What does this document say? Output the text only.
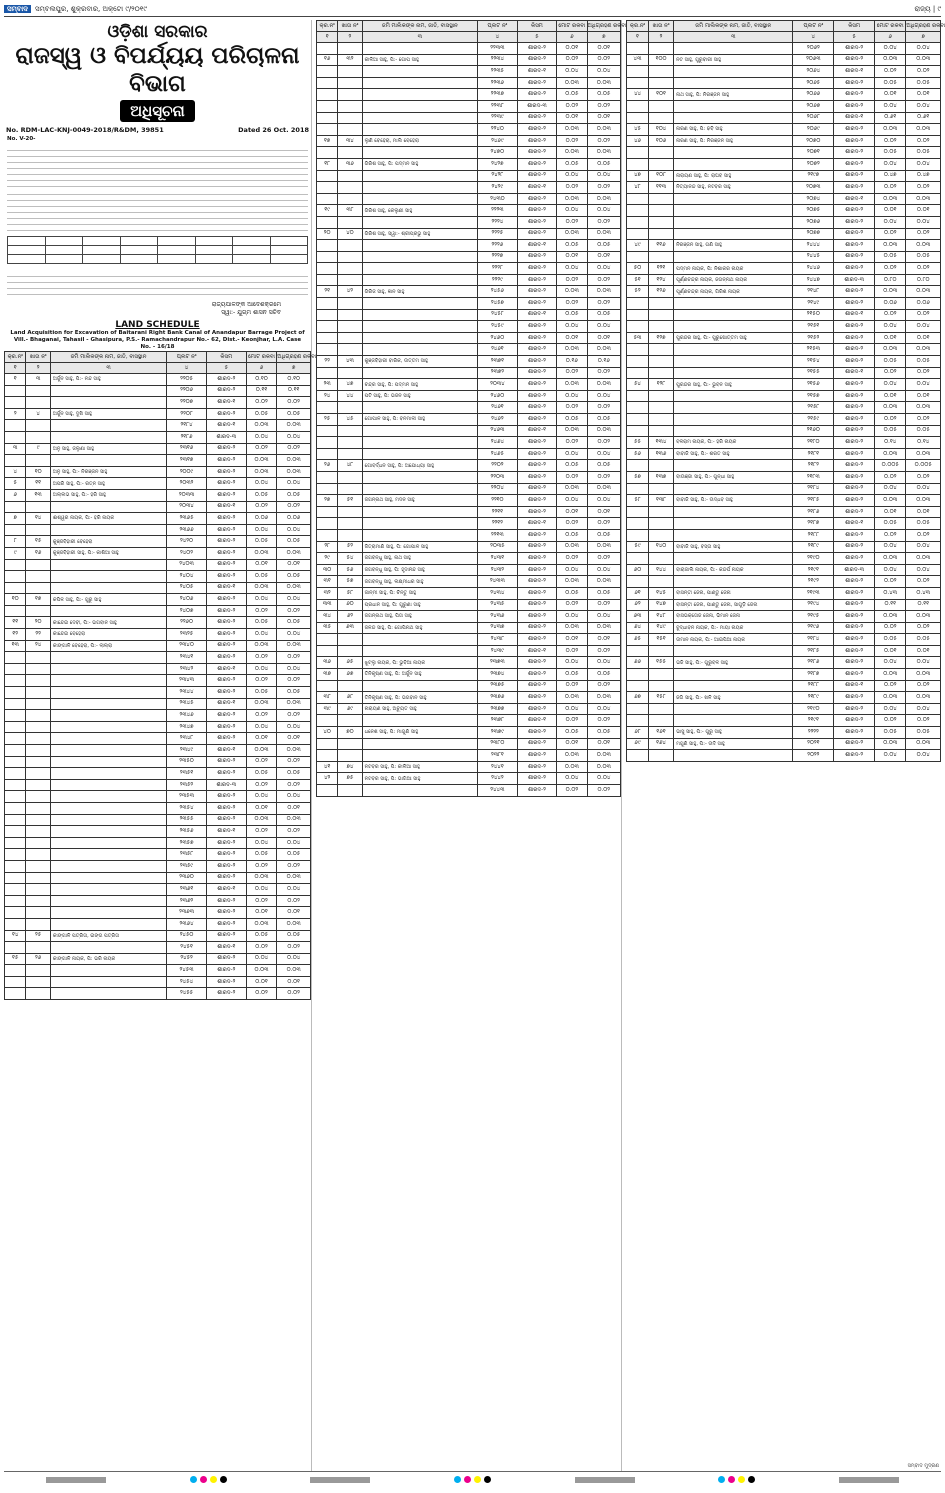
ସମ୍ବାଦ ସମ୍ବଲପୁର, ଶୁକ୍ରବାର, ଅକ୍ଟୋ ୯/୨୦୧୯	ରାଜ୍ୟ | ୯
ଓଡ଼ିଶା ସରକାର
ରାଜସ୍ୱ ଓ ବିପର୍ଯ୍ୟୟ ପରିଚାଳନା ବିଭାଗ
ଅଧିସୂଚନା
No. RDM-LAC-KNJ-0049-2018/R&DM, 39851	Dated 26 Oct. 2018
No. V-20-

ରାଜ୍ୟପାଳଙ୍କ ଆଦେଶକ୍ରମେ
ସ୍ୱା:- ଯୁଗ୍ମ ଶାସନ ସଚିବ
LAND SCHEDULE
Land Acquisition for Excavation of Baitarani Right Bank Canal of Anandapur Barrage Project of Vill.- Bhaganai, Tahasil - Ghasipura, P.S.- Ramachandrapur No.- 62, Dist.- Keonjhar, L.A. Case No. - 16/18
କ୍ର.ନଂ	ଖାତା ନଂ	ଜମି ମାଲିକଙ୍କ ନାମ, ଜାତି, ବାସସ୍ଥାନ	ପ୍ଲଟ ନଂ	କିସମ	ମୋଟ ରକବା	ଅଧିଗ୍ରହଣ ରକବା
୧	୨	୩	୪	୫	୬	୭
୧	୩	ଅର୍ଜୁନ ସାହୁ, ପି:- ନନ୍ଦ ସାହୁ	୨୨୦୫	ଶାରଦ-୨	୦.୧୦	୦.୧୦
			୨୨୦୬	ଶାରଦ-୨	୦.୧୧	୦.୧୧
			୨୨୦୭	ଶାରଦ-୧	୦.୦୨	୦.୦୨
୨	୪	ଅର୍ଜୁନ ସାହୁ, ଦୁଖି ସାହୁ	୨୨୦୮	ଶାରଦ-୨	୦.୦୫	୦.୦୫
			୨୧୮୪	ଶାରଦ-୧	୦.୦୩	୦.୦୩
			୨୧୮୬	ଶାରଦ-୩	୦.୦୪	୦.୦୪
୩	୯	ଅନୁ ସାହୁ, ଜଲୁଣା ସାହୁ	୨୩୧୬	ଶାରଦ-୨	୦.୦୨	୦.୦୨
			୨୩୧୭	ଶାରଦ-୨	୦.୦୩	୦.୦୩
୪	୧୦	ଅନୁ ସାହୁ, ପି:- ନିରଞ୍ଜନ ସାହୁ	୨୦୦୯	ଶାରଦ-୨	୦.୦୩	୦.୦୩
୫	୧୧	ଅପରି ସାହୁ, ପି:- ରତ୍ନ ସାହୁ	୨୦୩୨	ଶାରଦ-୨	୦.୦୪	୦.୦୪
୬	୧୩	ଅଲ୍ଲଭ ସାହୁ, ପି:- ହରି ସାହୁ	୨୦୩୩	ଶାରଦ-୨	୦.୦୫	୦.୦୫
			୨୦୩୪	ଶାରଦ-୧	୦.୦୨	୦.୦୨
୭	୧୪	ଈଶ୍ୱର ନାୟକ, ପି:- ହରି ନାୟକ	୨୩୬୫	ଶାରଦ-୨	୦.୦୬	୦.୦୬
			୨୩୬୬	ଶାରଦ-୨	୦.୦୪	୦.୦୪
୮	୧୫	କୁଞ୍ଜବିହାରୀ ବେହେରା	୨୪୨୦	ଶାରଦ-୨	୦.୦୫	୦.୦୫
୯	୧୬	କୁଞ୍ଜବିହାରୀ ସାହୁ, ପି:- କାଶିଆ ସାହୁ	୨୪୦୨	ଶାରଦ-୨	୦.୦୩	୦.୦୩
			୨୪୦୩	ଶାରଦ-୨	୦.୦୧	୦.୦୧
			୨୪୦୪	ଶାରଦ-୨	୦.୦୫	୦.୦୫
			୨୪୦୫	ଶାରଦ-୧	୦.୦୩	୦.୦୩
୧୦	୧୭	କପିଳ ସାହୁ, ପି:- ଗୁରୁ ସାହୁ	୨୪୦୬	ଶାରଦ-୨	୦.୦୪	୦.୦୪
			୨୪୦୭	ଶାରଦ-୨	୦.୦୨	୦.୦୨
୧୧	୨୦	କାନ୍ଦେଇ ଦେବୀ, ପି:- ଭଗବାନ ସାହୁ	୨୨୬୦	ଶାରଦ-୨	୦.୦୫	୦.୦୫
୧୨	୨୨	କାନ୍ଦେଇ ବେହେରା	୨୩୨୫	ଶାରଦ-୨	୦.୦୪	୦.୦୪
୧୩	୨୪	କାଙ୍ଗାଳି ବେହେରା, ପି:- ଲାଲ୍ରା	୨୩୪୦	ଶାରଦ-୨	୦.୦୩	୦.୦୩
			୨୩୪୧	ଶାରଦ-୨	୦.୦୨	୦.୦୨
			୨୩୪୨	ଶାରଦ-୧	୦.୦୪	୦.୦୪
			୨୩୪୩	ଶାରଦ-୨	୦.୦୨	୦.୦୨
			୨୩୪୪	ଶାରଦ-୨	୦.୦୫	୦.୦୫
			୨୩୪୫	ଶାରଦ-୧	୦.୦୩	୦.୦୩
			୨୩୪୬	ଶାରଦ-୨	୦.୦୨	୦.୦୨
			୨୩୪୭	ଶାରଦ-୨	୦.୦୪	୦.୦୪
			୨୩୪୮	ଶାରଦ-୨	୦.୦୧	୦.୦୧
			୨୩୪୯	ଶାରଦ-୧	୦.୦୩	୦.୦୩
			୨୩୫୦	ଶାରଦ-୨	୦.୦୨	୦.୦୨
			୨୩୫୧	ଶାରଦ-୨	୦.୦୫	୦.୦୫
			୨୩୫୨	ଶାରଦ-୩	୦.୦୨	୦.୦୨
			୨୩୫୩	ଶାରଦ-୨	୦.୦୪	୦.୦୪
			୨୩୫୪	ଶାରଦ-୨	୦.୦୧	୦.୦୧
			୨୩୫୫	ଶାରଦ-୨	୦.୦୩	୦.୦୩
			୨୩୫୬	ଶାରଦ-୧	୦.୦୨	୦.୦୨
			୨୩୫୭	ଶାରଦ-୨	୦.୦୪	୦.୦୪
			୨୩୫୮	ଶାରଦ-୨	୦.୦୫	୦.୦୫
			୨୩୫୯	ଶାରଦ-୨	୦.୦୨	୦.୦୨
			୨୩୬୦	ଶାରଦ-୨	୦.୦୩	୦.୦୩
			୨୩୬୧	ଶାରଦ-୧	୦.୦୪	୦.୦୪
			୨୩୬୨	ଶାରଦ-୨	୦.୦୨	୦.୦୨
			୨୩୬୩	ଶାରଦ-୨	୦.୦୧	୦.୦୧
			୨୩୬୪	ଶାରଦ-୨	୦.୦୩	୦.୦୩
୧୪	୨୫	କାଙ୍ଗାଳି ପତ୍ରିତା, ଇଙ୍ଗ ପତ୍ରିତା	୨୪୫୦	ଶାରଦ-୨	୦.୦୫	୦.୦୫
			୨୪୫୧	ଶାରଦ-୧	୦.୦୨	୦.୦୨
୧୫	୨୬	କାଙ୍ଗାଳି ନାୟକ, ପି: ଭରି ନାୟକ	୨୪୫୨	ଶାରଦ-୨	୦.୦୪	୦.୦୪
			୨୪୫୩	ଶାରଦ-୨	୦.୦୩	୦.୦୩
			୨୪୫୪	ଶାରଦ-୨	୦.୦୧	୦.୦୧
			୨୪୫୫	ଶାରଦ-୨	୦.୦୨	୦.୦୨
କ୍ର.ନଂ	ଖାତା ନଂ	ଜମି ମାଲିକଙ୍କ ନାମ, ଜାତି, ବାସସ୍ଥାନ	ପ୍ଲଟ ନଂ	କିସମ	ମୋଟ ରକବା	ଅଧିଗ୍ରହଣ ରକବା
୧	୨	୩	୪	୫	୬	୭
			୨୨୩୩	ଶାରଦ-୨	୦.୦୧	୦.୦୧
୧୬	୩୨	କାଳିଆ ସାହୁ, ପି:- ଗୋପ ସାହୁ	୨୨୩୪	ଶାରଦ-୨	୦.୦୨	୦.୦୨
			୨୨୩୫	ଶାରଦ-୧	୦.୦୪	୦.୦୪
			୨୨୩୬	ଶାରଦ-୨	୦.୦୩	୦.୦୩
			୨୨୩୭	ଶାରଦ-୨	୦.୦୫	୦.୦୫
			୨୨୩୮	ଶାରଦ-୩	୦.୦୨	୦.୦୨
			୨୨୩୯	ଶାରଦ-୨	୦.୦୧	୦.୦୧
			୨୨୪୦	ଶାରଦ-୨	୦.୦୩	୦.୦୩
୧୭	୩୪	ଲୁଣି ବେହେରା, ମାଲି ବେହେରା	୨୪୬୯	ଶାରଦ-୨	୦.୦୨	୦.୦୨
			୨୪୭୦	ଶାରଦ-୨	୦.୦୩	୦.୦୩
୧୮	୩୬	ଗିରିଶ ସାହୁ, ପି: ପଦ୍ମନ ସାହୁ	୨୪୨୭	ଶାରଦ-୨	୦.୦୫	୦.୦୫
			୨୪୨୮	ଶାରଦ-୨	୦.୦୪	୦.୦୪
			୨୪୨୯	ଶାରଦ-୧	୦.୦୨	୦.୦୨
			୨୪୩୦	ଶାରଦ-୨	୦.୦୩	୦.୦୩
୧୯	୩୮	ଗିରିଶ ସାହୁ, କେଲୁଣୀ ସାହୁ	୨୨୨୩	ଶାରଦ-୨	୦.୦୪	୦.୦୪
			୨୨୨୪	ଶାରଦ-୨	୦.୦୨	୦.୦୨
୨୦	୪୦	ଗିରିଶ ସାହୁ, ସ୍ୱା:- ଶ୍ରୀପ୍ରଭୁ ସାହୁ	୨୨୨୫	ଶାରଦ-୨	୦.୦୩	୦.୦୩
			୨୨୨୬	ଶାରଦ-୧	୦.୦୫	୦.୦୫
			୨୨୨୭	ଶାରଦ-୨	୦.୦୧	୦.୦୧
			୨୨୨୮	ଶାରଦ-୨	୦.୦୪	୦.୦୪
			୨୨୨୯	ଶାରଦ-୨	୦.୦୨	୦.୦୨
୨୧	୪୨	ଗିରିଜ ସାହୁ, ଜ୍ଞାନ ସାହୁ	୨୪୫୬	ଶାରଦ-୨	୦.୦୩	୦.୦୩
			୨୪୫୭	ଶାରଦ-୨	୦.୦୨	୦.୦୨
			୨୪୫୮	ଶାରଦ-୧	୦.୦୫	୦.୦୫
			୨୪୫୯	ଶାରଦ-୨	୦.୦୪	୦.୦୪
			୨୪୬୦	ଶାରଦ-୨	୦.୦୧	୦.୦୧
			୨୪୬୧	ଶାରଦ-୨	୦.୦୩	୦.୦୩
୨୨	୪୩	କୁଞ୍ଜବିହାରୀ ବାରିକ, ଉତ୍ତମ ସାହୁ	୨୩୭୧	ଶାରଦ-୨	୦.୧୬	୦.୧୬
			୨୩୭୨	ଶାରଦ-୨	୦.୦୨	୦.୦୨
୨୩	୪୭	ଚନ୍ଦ୍ର ସାହୁ, ପି: ପଦ୍ମନ ସାହୁ	୨୦୩୪	ଶାରଦ-୨	୦.୦୩	୦.୦୩
୨୪	୪୪	ପଟି ସାହୁ, ପି: ଭଜନ ସାହୁ	୨୪୬୦	ଶାରଦ-୨	୦.୦୪	୦.୦୪
			୨୪୬୧	ଶାରଦ-୨	୦.୦୨	୦.୦୨
୨୫	୪୫	ଗୋପାଳ ସାହୁ, ପି: ବନମାଳୀ ସାହୁ	୨୪୬୨	ଶାରଦ-୨	୦.୦୫	୦.୦୫
			୨୪୬୩	ଶାରଦ-୧	୦.୦୩	୦.୦୩
			୨୪୬୪	ଶାରଦ-୨	୦.୦୨	୦.୦୨
			୨୪୬୫	ଶାରଦ-୨	୦.୦୪	୦.୦୪
୨୬	୪୮	ଗୋବର୍ଦ୍ଧନ ସାହୁ, ପି: ଅଯୋଧ୍ୟା ସାହୁ	୨୨୦୨	ଶାରଦ-୨	୦.୦୫	୦.୦୫
			୨୨୦୩	ଶାରଦ-୨	୦.୦୨	୦.୦୨
			୨୨୦୪	ଶାରଦ-୨	୦.୦୩	୦.୦୩
୨୭	୫୧	ଜଗନ୍ନାଥ ସାହୁ, ମଦନ ସାହୁ	୨୨୧୦	ଶାରଦ-୨	୦.୦୪	୦.୦୪
			୨୨୧୧	ଶାରଦ-୨	୦.୦୧	୦.୦୧
			୨୨୧୨	ଶାରଦ-୧	୦.୦୨	୦.୦୨
			୨୨୧୩	ଶାରଦ-୨	୦.୦୫	୦.୦୫
୨୮	୫୨	ଜିତ୍ରାମାଣି ସାହୁ, ପି: ଗୋପାଳ ସାହୁ	୨୦୩୫	ଶାରଦ-୨	୦.୦୩	୦.୦୩
୨୯	୫୪	ଜଗବନ୍ଧୁ ସାହୁ, ନାଥ ସାହୁ	୨୪୩୧	ଶାରଦ-୨	୦.୦୨	୦.୦୨
୩୦	୫୬	ଜଗବନ୍ଧୁ ସାହୁ, ପି: ହୃଦାନନ୍ଦ ସାହୁ	୨୪୩୨	ଶାରଦ-୨	୦.୦୪	୦.୦୪
୩୧	୫୭	ଜଗବନ୍ଧୁ ସାହୁ, ଲକ୍ଷ୍ମୀଧର ସାହୁ	୨୪୩୩	ଶାରଦ-୨	୦.୦୩	୦.୦୩
୩୨	୫୮	ଜାନ୍ମୀ ସାହୁ, ପି: ଚିନ୍ତୁ ସାହୁ	୨୪୩୪	ଶାରଦ-୨	୦.୦୫	୦.୦୫
୩୩	୬୦	ପ୍ରଧାନ ସାହୁ, ପି: ଗୁରୁଣା ସାହୁ	୨୪୩୫	ଶାରଦ-୨	୦.୦୨	୦.୦୨
୩୪	୬୨	ଜଗନ୍ନାଥ ସାହୁ, ପିତା ସାହୁ	୨୪୩୬	ଶାରଦ-୨	୦.୦୪	୦.୦୪
୩୫	୬୩	ଜଳନ୍ଦ ସାହୁ, ପି: ଗୋପିନାଥ ସାହୁ	୨୪୩୭	ଶାରଦ-୨	୦.୦୩	୦.୦୩
			୨୪୩୮	ଶାରଦ-୨	୦.୦୧	୦.୦୧
			୨୪୩୯	ଶାରଦ-୧	୦.୦୨	୦.୦୨
୩୬	୬୫	ଝୁଟ୍ଲୁ ନାୟକ, ପି: ଭୁବିଆ ନାୟକ	୨୩୭୩	ଶାରଦ-୨	୦.୦୪	୦.୦୪
୩୭	୬୭	ତିନିକୃଷ୍ଣ ସାହୁ, ପି: ଅର୍ଜୁନ ସାହୁ	୨୩୭୪	ଶାରଦ-୨	୦.୦୫	୦.୦୫
			୨୩୭୫	ଶାରଦ-୨	୦.୦୨	୦.୦୨
୩୮	୬୮	ତିନିକୃଷ୍ଣ ସାହୁ, ପି: ଭଗବାନ ସାହୁ	୨୩୭୬	ଶାରଦ-୨	୦.୦୩	୦.୦୩
୩୯	୬୯	ନାରାୟଣ ସାହୁ, ଅଚ୍ୟୁତ ସାହୁ	୨୩୭୭	ଶାରଦ-୨	୦.୦୪	୦.୦୪
			୨୩୭୮	ଶାରଦ-୧	୦.୦୨	୦.୦୨
୪୦	୭୦	ଧନେଶ ସାହୁ, ପି: ମାଗୁଣି ସାହୁ	୨୩୭୯	ଶାରଦ-୨	୦.୦୫	୦.୦୫
			୨୩୮୦	ଶାରଦ-୨	୦.୦୧	୦.୦୧
			୨୩୮୧	ଶାରଦ-୨	୦.୦୩	୦.୦୩
୪୧	୭୪	ନଟବର ସାହୁ, ପି: କାଳିଆ ସାହୁ	୨୪୪୧	ଶାରଦ-୨	୦.୦୩	୦.୦୩
୪୨	୭୫	ନଟବର ସାହୁ, ପି: ଭାଗିଆ ସାହୁ	୨୪୪୨	ଶାରଦ-୨	୦.୦୪	୦.୦୪
			୨୪୪୩	ଶାରଦ-୨	୦.୦୨	୦.୦୨
କ୍ର.ନଂ	ଖାତା ନଂ	ଜମି ମାଲିକଙ୍କ ନାମ, ଜାତି, ବାସସ୍ଥାନ	ପ୍ଲଟ ନଂ	କିସମ	ମୋଟ ରକବା	ଅଧିଗ୍ରହଣ ରକବା
୧	୨	୩	୪	୫	୬	୭
			୨୦୬୨	ଶାରଦ-୨	୦.୦୪	୦.୦୪
୪୩	୧୦୦	ନଟ ସାହୁ, ଗୁରୁବାରୀ ସାହୁ	୨୦୬୩	ଶାରଦ-୨	୦.୦୩	୦.୦୩
			୨୦୬୪	ଶାରଦ-୧	୦.୦୨	୦.୦୨
			୨୦୬୫	ଶାରଦ-୨	୦.୦୫	୦.୦୫
୪୪	୧୦୧	ନାଥ ସାହୁ, ପି: ନିରଞ୍ଜନ ସାହୁ	୨୦୬୬	ଶାରଦ-୨	୦.୦୧	୦.୦୧
			୨୦୬୭	ଶାରଦ-୨	୦.୦୪	୦.୦୪
			୨୦୬୮	ଶାରଦ-୧	୦.୬୧	୦.୬୧
୪୫	୧୦୪	ନାରଣ ସାହୁ, ପି: ଢବି ସାହୁ	୨୦୬୯	ଶାରଦ-୨	୦.୦୩	୦.୦୩
୪୬	୧୦୬	ନାରଣ ସାହୁ, ପି: ନିରଞ୍ଜନ ସାହୁ	୨୦୭୦	ଶାରଦ-୨	୦.୦୨	୦.୦୨
			୨୦୭୧	ଶାରଦ-୨	୦.୦୫	୦.୦୫
			୨୦୭୨	ଶାରଦ-୨	୦.୦୪	୦.୦୪
୪୭	୧୦୮	ନାରାୟଣ ସାହୁ, ପି: ରାଘବ ସାହୁ	୨୧୯୭	ଶାରଦ-୨	୦.୪୭	୦.୪୭
୪୮	୧୧୩	ନିତ୍ୟାନନ୍ଦ ସାହୁ, ନଟବର ସାହୁ	୨୦୭୩	ଶାରଦ-୨	୦.୦୨	୦.୦୨
			୨୦୭୪	ଶାରଦ-୧	୦.୦୩	୦.୦୩
			୨୦୭୫	ଶାରଦ-୨	୦.୦୧	୦.୦୧
			୨୦୭୬	ଶାରଦ-୨	୦.୦୪	୦.୦୪
			୨୦୭୭	ଶାରଦ-୨	୦.୦୨	୦.୦୨
୪୯	୧୧୬	ନିରଞ୍ଜନ ସାହୁ, ଗଣି ସାହୁ	୨୪୪୪	ଶାରଦ-୨	୦.୦୩	୦.୦୩
			୨୪୪୫	ଶାରଦ-୨	୦.୦୫	୦.୦୫
୫୦	୧୨୧	ପଦ୍ମନ ନାୟକ, ପି: ନିଶାକର ନାୟକ	୨୪୪୬	ଶାରଦ-୨	୦.୦୨	୦.୦୨
୫୧	୧୨୪	ପୂର୍ଣ୍ଣଚନ୍ଦ୍ର ନାୟକ, ଜଗନ୍ନାଥ ନାୟକ	୨୪୪୭	ଶାରଦ-୩	୦.୮୦	୦.୮୦
୫୨	୧୨୬	ପୂର୍ଣ୍ଣଚନ୍ଦ୍ର ନାୟକ, ଗିରିଶ ନାୟକ	୨୧୪୮	ଶାରଦ-୨	୦.୦୩	୦.୦୩
			୨୧୪୯	ଶାରଦ-୨	୦.୦୬	୦.୦୬
			୨୧୫୦	ଶାରଦ-୧	୦.୦୨	୦.୦୨
			୨୧୫୧	ଶାରଦ-୨	୦.୦୪	୦.୦୪
୫୩	୧୨୭	ପୁରନ୍ଦର ସାହୁ, ପି:- ପୁରୁଷୋତ୍ତମ ସାହୁ	୨୧୫୨	ଶାରଦ-୨	୦.୦୧	୦.୦୧
			୨୧୫୩	ଶାରଦ-୨	୦.୦୩	୦.୦୩
			୨୧୫୪	ଶାରଦ-୨	୦.୦୫	୦.୦୫
			୨୧୫୫	ଶାରଦ-୧	୦.୦୨	୦.୦୨
୫୪	୧୨୮	ପୁରନ୍ଦର ସାହୁ, ପି:- ଭୁବନ ସାହୁ	୨୧୫୬	ଶାରଦ-୨	୦.୦୪	୦.୦୪
			୨୧୫୭	ଶାରଦ-୨	୦.୦୧	୦.୦୧
			୨୧୫୮	ଶାରଦ-୨	୦.୦୩	୦.୦୩
			୨୧୫୯	ଶାରଦ-୨	୦.୦୨	୦.୦୨
			୨୧୬୦	ଶାରଦ-୨	୦.୦୫	୦.୦୫
୫୫	୧୩୪	ବଳରାମ ନାୟକ, ପି:- ହରି ନାୟକ	୨୧୮୦	ଶାରଦ-୨	୦.୧୪	୦.୧୪
୫୬	୧୩୬	ବାବାଜି ସାହୁ, ପି:- ଶରତ ସାହୁ	୨୧୮୧	ଶାରଦ-୨	୦.୦୩	୦.୦୩
			୨୧୮୨	ଶାରଦ-୨	୦.୦୦୫	୦.୦୦୫
୫୭	୧୩୭	ବାଉଞ୍ଜା ସାହୁ, ପି:- ଗୁନ୍ଧା ସାହୁ	୨୧୮୩	ଶାରଦ-୨	୦.୦୨	୦.୦୨
			୨୧୮୪	ଶାରଦ-୨	୦.୦୪	୦.୦୪
୫୮	୧୩୮	ବାବାଜି ସାହୁ, ପି:- ଉଦ୍ଧବ ସାହୁ	୨୧୮୫	ଶାରଦ-୨	୦.୦୩	୦.୦୩
			୨୧୮୬	ଶାରଦ-୨	୦.୦୧	୦.୦୧
			୨୧୮୭	ଶାରଦ-୧	୦.୦୫	୦.୦୫
			୨୧୮୮	ଶାରଦ-୨	୦.୦୨	୦.୦୨
୫୯	୧୪୦	ବାବାଜି ସାହୁ, ବସ୍ତା ସାହୁ	୨୧୮୯	ଶାରଦ-୨	୦.୦୪	୦.୦୪
			୨୧୯୦	ଶାରଦ-୨	୦.୦୩	୦.୦୩
୬୦	୧୪୪	ବାରାଜାଲି ନାୟକ, ପି:- କନ୍ଦର୍ପ ନାୟକ	୨୧୯୧	ଶାରଦ-୩	୦.୦୪	୦.୦୪
			୨୧୯୨	ଶାରଦ-୨	୦.୦୨	୦.୦୨
୬୧	୧୪୫	ବାସନ୍ତୀ ଜେନା, ପାଣ୍ଡୁ ଜେନା	୨୧୯୩	ଶାରଦ-୨	୦.୪୩	୦.୪୩
୬୨	୧୪୭	ବାସନ୍ତୀ ଜେନା, ପାଣ୍ଡୁ ଜେନା, ସାଗୁଡ଼ି ଜେନା	୨୧୯୪	ଶାରଦ-୨	୦.୧୧	୦.୧୧
୬୩	୧୪୮	ବାସଭକ୍ତୋଜ ଜେନା, ଭିମାନ ଜେନା	୨୧୯୫	ଶାରଦ-୨	୦.୦୩	୦.୦୩
୬୪	୧୪୯	ବୁଦ୍ଧାବନ ନାୟକ, ପି:- ମାୟା ନାୟକ	୨୧୯୬	ଶାରଦ-୨	୦.୦୨	୦.୦୨
୬୫	୧୫୧	ଉମାନ ନାୟକ, ପି:- ଆଇପିଆ ନାୟକ	୨୧୮୪	ଶାରଦ-୨	୦.୦୫	୦.୦୫
			୨୧୮୫	ଶାରଦ-୨	୦.୦୧	୦.୦୧
୬୬	୧୫୫	ଭଜି ସାହୁ, ପି:- ଗୁରୁବଳ ସାହୁ	୨୧୮୬	ଶାରଦ-୨	୦.୦୪	୦.୦୪
			୨୧୮୭	ଶାରଦ-୨	୦.୦୩	୦.୦୩
			୨୧୮୮	ଶାରଦ-୧	୦.୦୨	୦.୦୨
୬୭	୧୫୮	ଜଗି ସାହୁ, ପି:- ଖଳି ସାହୁ	୨୧୮୯	ଶାରଦ-୨	୦.୦୩	୦.୦୩
			୨୧୯୦	ଶାରଦ-୨	୦.୦୪	୦.୦୪
			୨୧୯୧	ଶାରଦ-୨	୦.୦୨	୦.୦୨
୬୮	୧୬୧	ଭାସୁ ସାହୁ, ପି:- ଗୁରୁ ସାହୁ	୨୨୨୨	ଶାରଦ-୨	୦.୦୫	୦.୦୫
୬୯	୧୬୪	ମଗୁଣି ସାହୁ, ପି:- ଉଦି ସାହୁ	୨୦୨୧	ଶାରଦ-୨	୦.୦୩	୦.୦୩
			୨୦୨୨	ଶାରଦ-୨	୦.୦୪	୦.୦୪
ସମ୍ବାଦ ମୁଦ୍ରଣ
